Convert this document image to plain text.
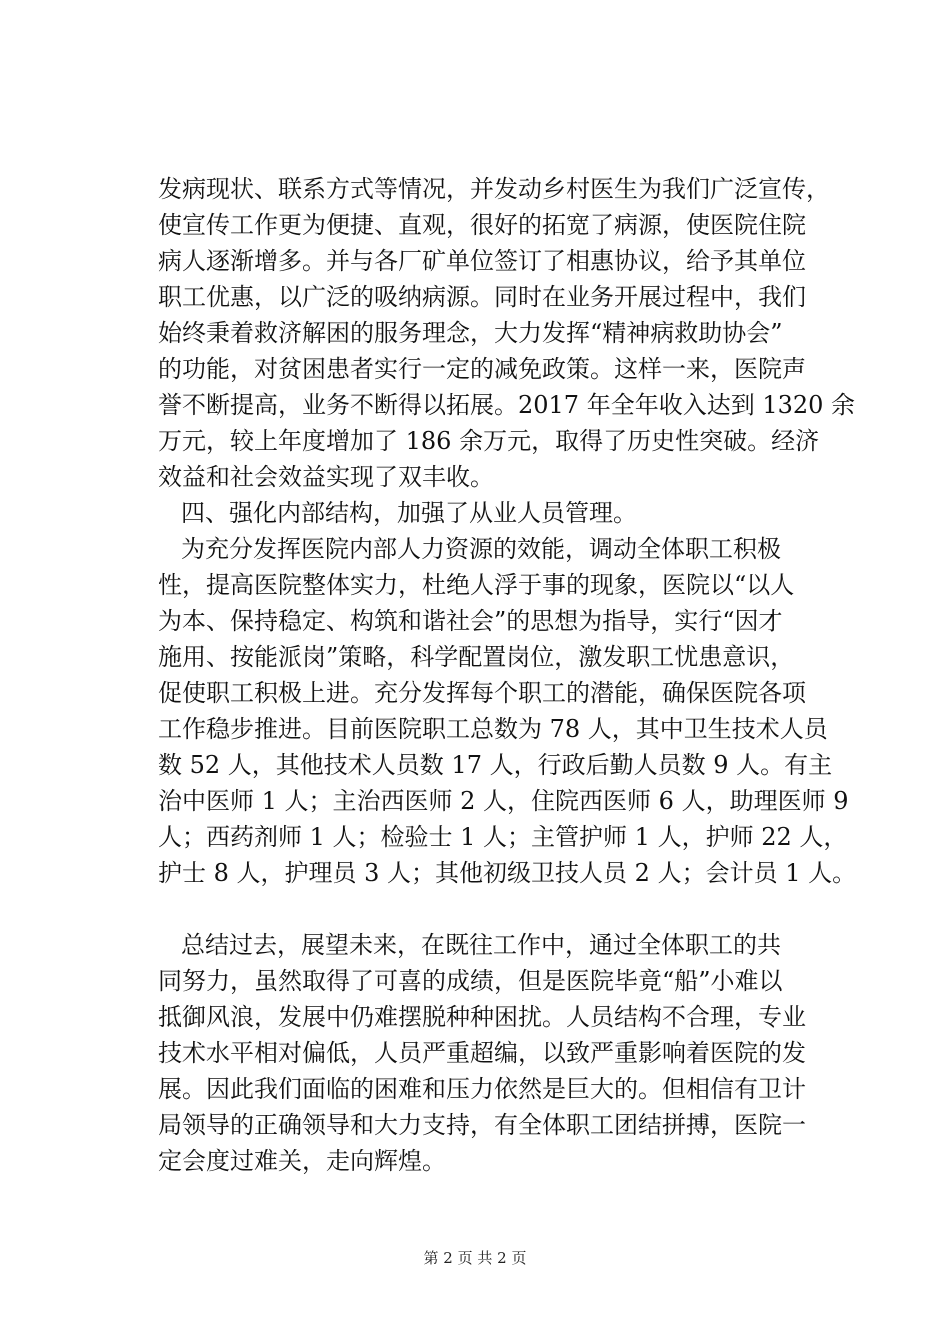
发病现状、联系方式等情况，并发动乡村医生为我们广泛宣传，
使宣传工作更为便捷、直观，很好的拓宽了病源，使医院住院
病人逐渐增多。并与各厂矿单位签订了相惠协议，给予其单位
职工优惠，以广泛的吸纳病源。同时在业务开展过程中，我们
始终秉着救济解困的服务理念，大力发挥“精神病救助协会”
的功能，对贫困患者实行一定的减免政策。这样一来，医院声
誉不断提高，业务不断得以拓展。2017 年全年收入达到 1320 余
万元，较上年度增加了 186 余万元，取得了历史性突破。经济
效益和社会效益实现了双丰收。
四、强化内部结构，加强了从业人员管理。
为充分发挥医院内部人力资源的效能，调动全体职工积极
性，提高医院整体实力，杜绝人浮于事的现象，医院以“以人
为本、保持稳定、构筑和谐社会”的思想为指导，实行“因才
施用、按能派岗”策略，科学配置岗位，激发职工忧患意识，
促使职工积极上进。充分发挥每个职工的潜能，确保医院各项
工作稳步推进。目前医院职工总数为 78 人，其中卫生技术人员
数 52 人，其他技术人员数 17 人，行政后勤人员数 9 人。有主
治中医师 1 人；主治西医师 2 人，住院西医师 6 人，助理医师 9
人；西药剂师 1 人；检验士 1 人；主管护师 1 人，护师 22 人，
护士 8 人，护理员 3 人；其他初级卫技人员 2 人；会计员 1 人。
总结过去，展望未来，在既往工作中，通过全体职工的共
同努力，虽然取得了可喜的成绩，但是医院毕竟“船”小难以
抵御风浪，发展中仍难摆脱种种困扰。人员结构不合理，专业
技术水平相对偏低，人员严重超编，以致严重影响着医院的发
展。因此我们面临的困难和压力依然是巨大的。但相信有卫计
局领导的正确领导和大力支持，有全体职工团结拼搏，医院一
定会度过难关，走向辉煌。
第 2 页 共 2 页
